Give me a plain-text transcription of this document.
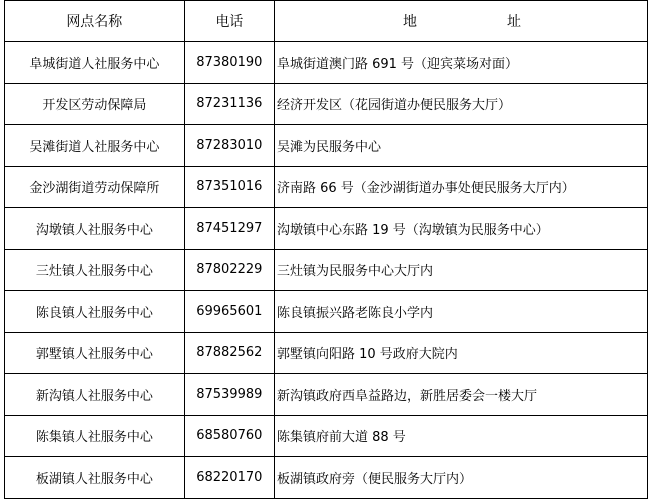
网点名称	电话	地 址
阜城街道人社服务中心	87380190	阜城街道澳门路 691 号（迎宾菜场对面）
开发区劳动保障局	87231136	经济开发区（花园街道办便民服务大厅）
吴滩街道人社服务中心	87283010	吴滩为民服务中心
金沙湖街道劳动保障所	87351016	济南路 66 号（金沙湖街道办事处便民服务大厅内）
沟墩镇人社服务中心	87451297	沟墩镇中心东路 19 号（沟墩镇为民服务中心）
三灶镇人社服务中心	87802229	三灶镇为民服务中心大厅内
陈良镇人社服务中心	69965601	陈良镇振兴路老陈良小学内
郭墅镇人社服务中心	87882562	郭墅镇向阳路 10 号政府大院内
新沟镇人社服务中心	87539989	新沟镇政府西阜益路边，新胜居委会一楼大厅
陈集镇人社服务中心	68580760	陈集镇府前大道 88 号
板湖镇人社服务中心	68220170	板湖镇政府旁（便民服务大厅内）
